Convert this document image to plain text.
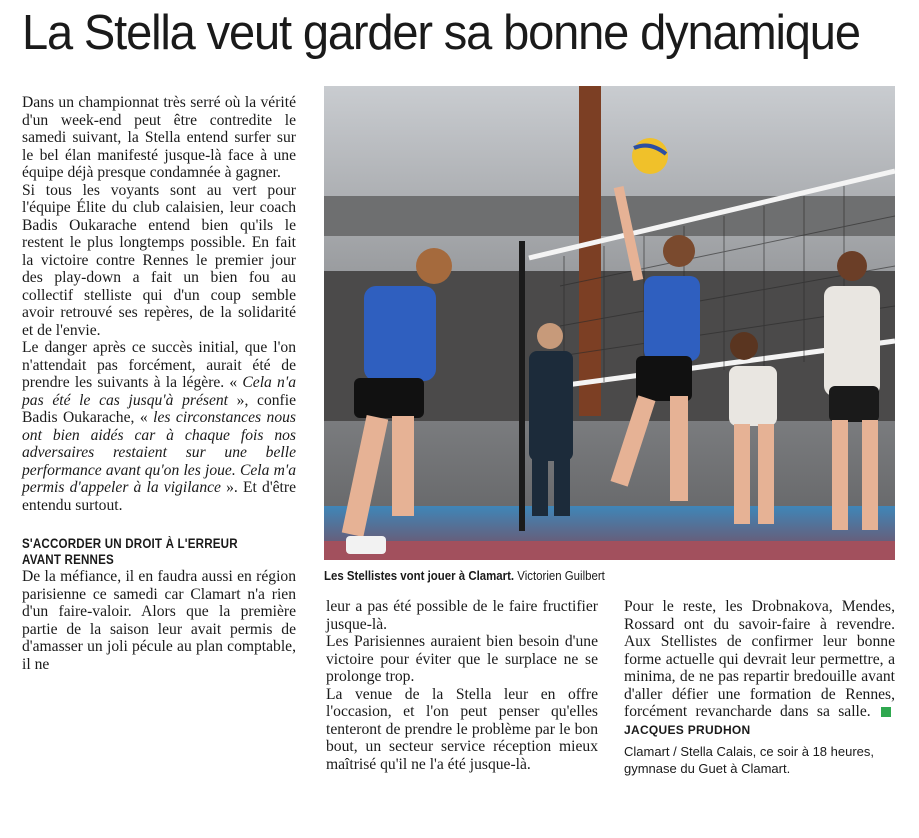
La Stella veut garder sa bonne dynamique

Dans un championnat très serré où la vérité d'un week-end peut être contredite le samedi suivant, la Stella entend surfer sur le bel élan manifesté jusque-là face à une équipe déjà presque condamnée à gagner.

Si tous les voyants sont au vert pour l'équipe Élite du club calaisien, leur coach Badis Oukarache entend bien qu'ils le restent le plus longtemps possible. En fait la victoire contre Rennes le premier jour des play-down a fait un bien fou au collectif stelliste qui d'un coup semble avoir retrouvé ses repères, de la solidarité et de l'envie.

Le danger après ce succès initial, que l'on n'attendait pas forcément, aurait été de prendre les suivants à la légère. « Cela n'a pas été le cas jusqu'à présent », confie Badis Oukarache, « les circonstances nous ont bien aidés car à chaque fois nos adversaires restaient sur une belle performance avant qu'on les joue. Cela m'a permis d'appeler à la vigilance ». Et d'être entendu surtout.

S'ACCORDER UN DROIT À L'ERREUR
AVANT RENNES

De la méfiance, il en faudra aussi en région parisienne ce samedi car Clamart n'a rien d'un faire-valoir. Alors que la première partie de la saison leur avait permis de d'amasser un joli pécule au plan comptable, il ne

Les Stellistes vont jouer à Clamart. Victorien Guilbert

leur a pas été possible de le faire fructifier jusque-là.

Les Parisiennes auraient bien besoin d'une victoire pour éviter que le surplace ne se prolonge trop.

La venue de la Stella leur en offre l'occasion, et l'on peut penser qu'elles tenteront de prendre le problème par le bon bout, un secteur service réception mieux maîtrisé qu'il ne l'a été jusque-là.

Pour le reste, les Drobnakova, Mendes, Rossard ont du savoir-faire à revendre. Aux Stellistes de confirmer leur bonne forme actuelle qui devrait leur permettre, a minima, de ne pas repartir bredouille avant d'aller défier une formation de Rennes, forcément revancharde dans sa salle. JACQUES PRUDHON

Clamart / Stella Calais, ce soir à 18 heures, gymnase du Guet à Clamart.
